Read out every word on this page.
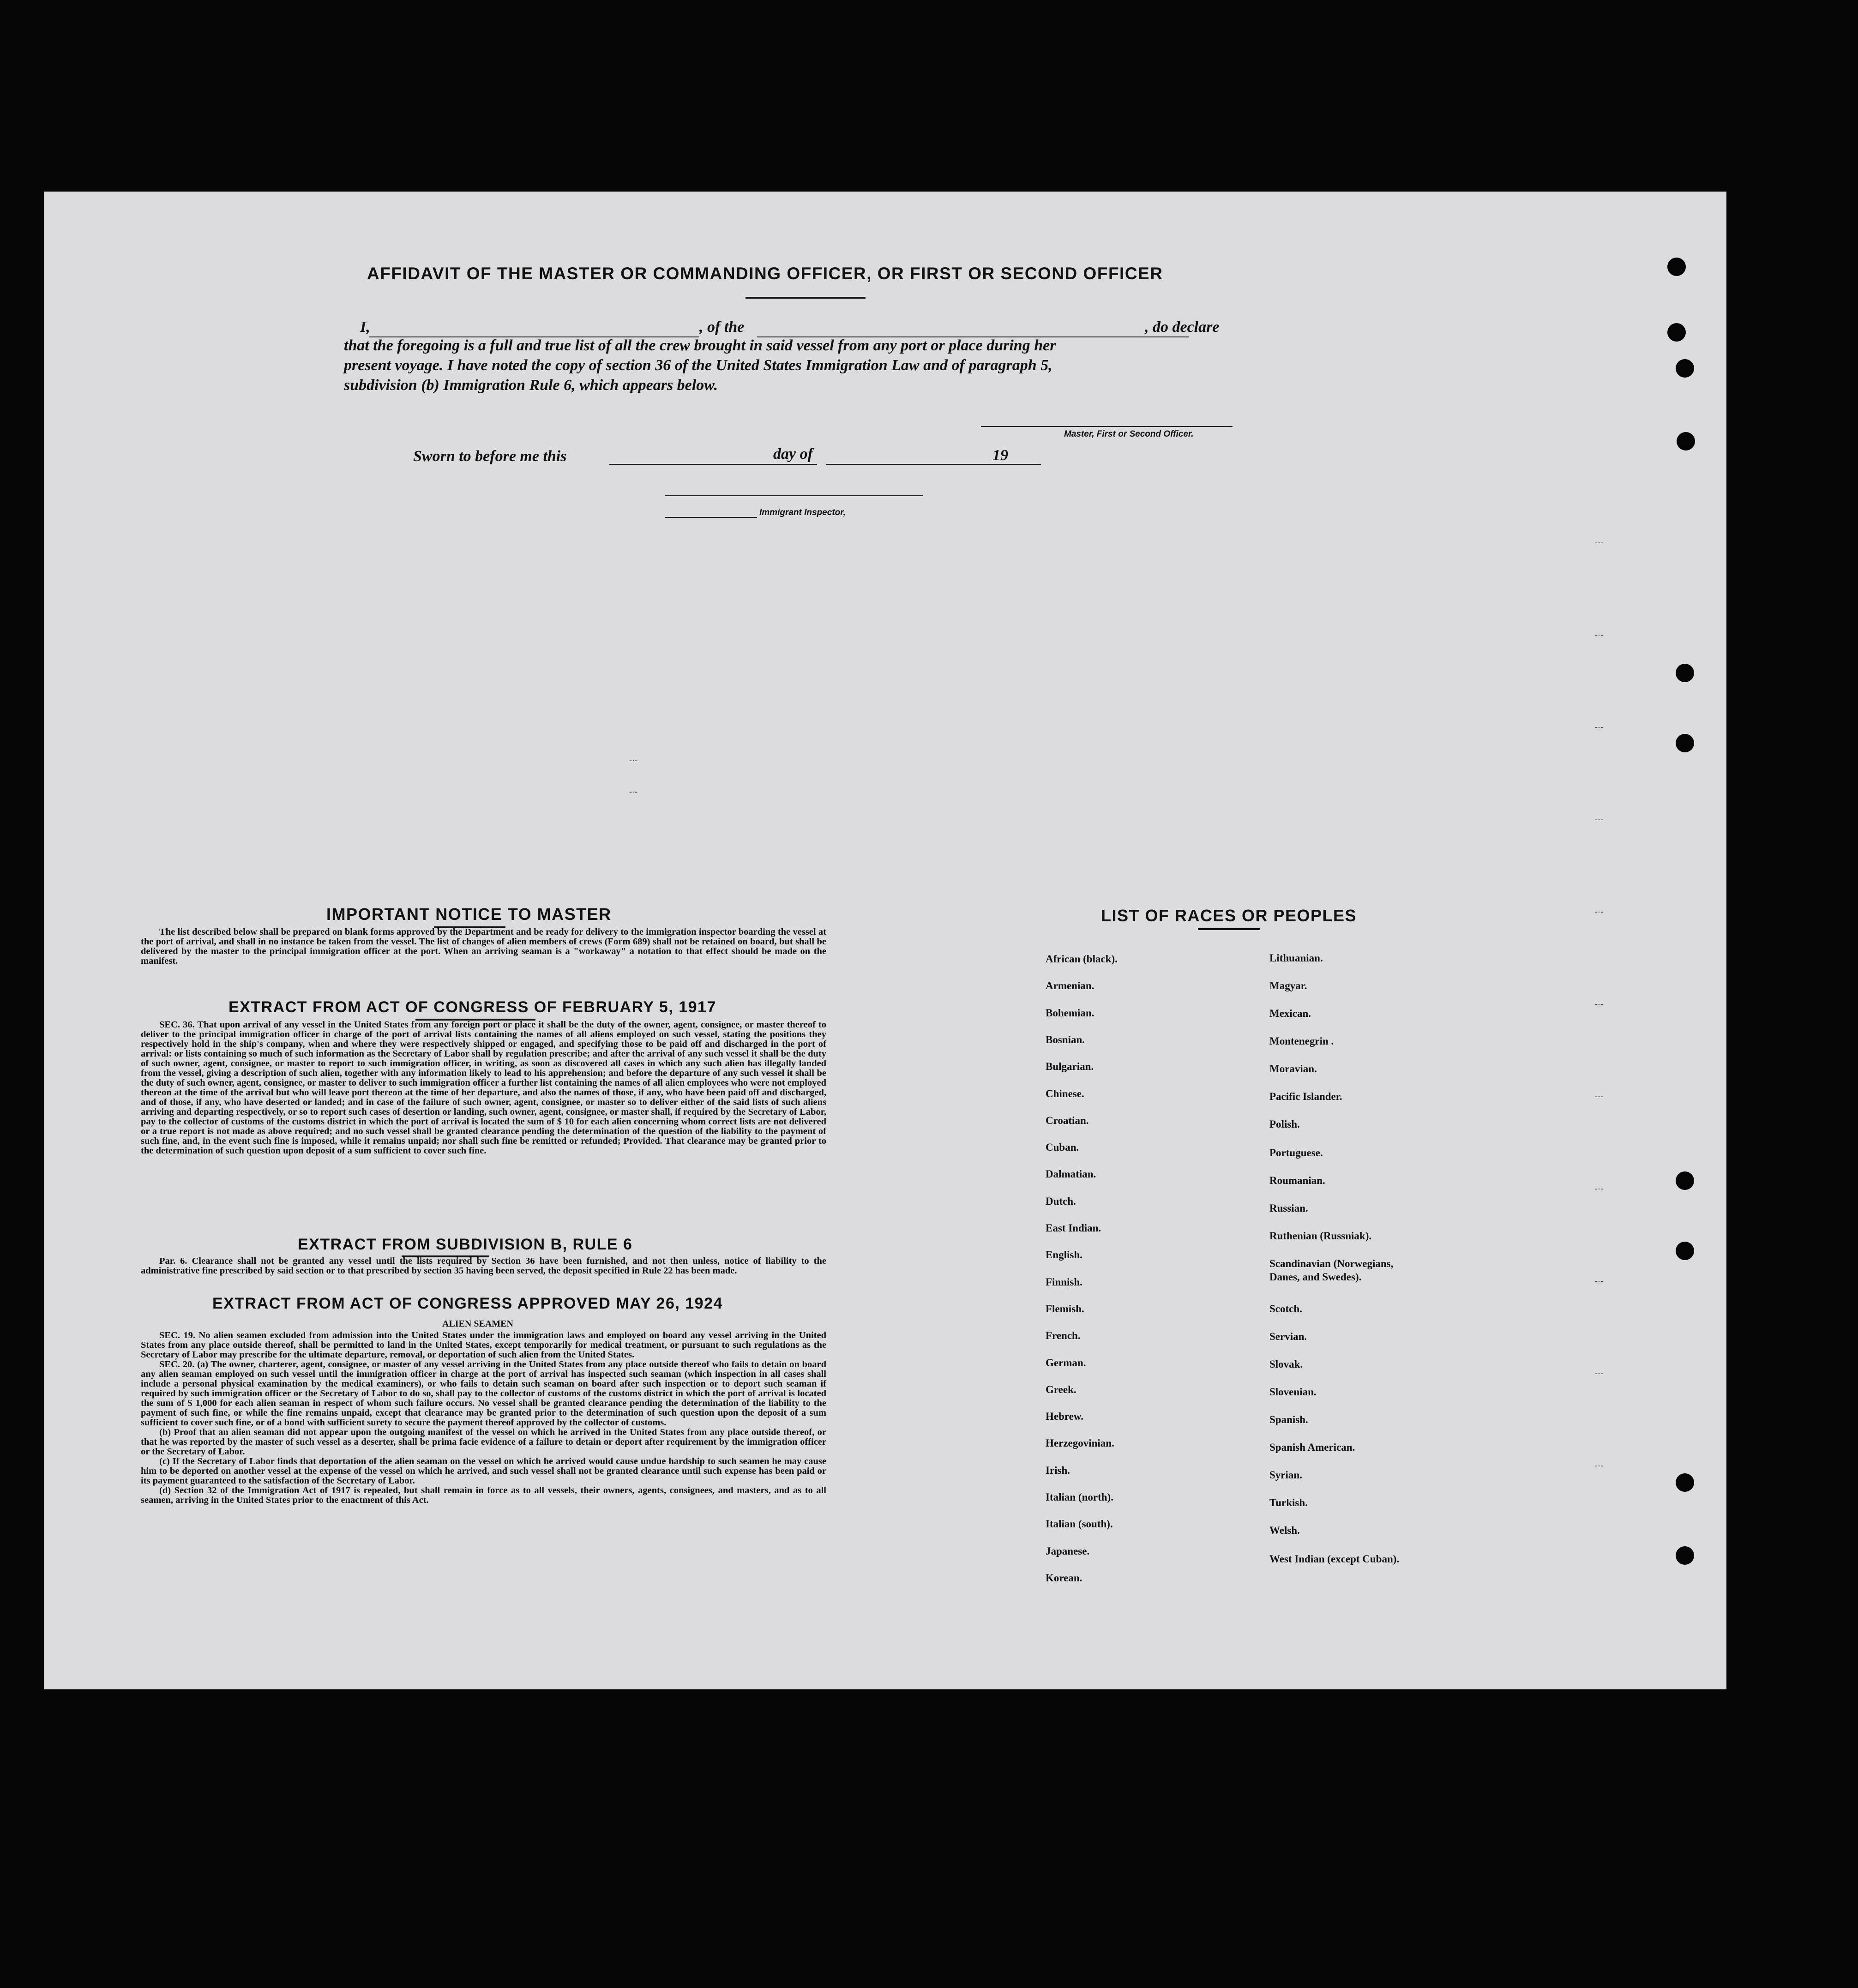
AFFIDAVIT OF THE MASTER OR COMMANDING OFFICER, OR FIRST OR SECOND OFFICER
I,	, of the	, do declare
that the foregoing is a full and true list of all the crew brought in said vessel from any port or place during her
present voyage. I have noted the copy of section 36 of the United States Immigration Law and of paragraph 5,
subdivision (b) Immigration Rule 6, which appears below.
Master, First or Second Officer.
Sworn to before me this	day of	19
Immigrant Inspector,
IMPORTANT NOTICE TO MASTER

The list described below shall be prepared on blank forms approved by the Department and be ready for delivery to the immigration inspector boarding the vessel at the port of arrival, and shall in no instance be taken from the vessel. The list of changes of alien members of crews (Form 689) shall not be retained on board, but shall be delivered by the master to the principal immigration officer at the port. When an arriving seaman is a "workaway" a notation to that effect should be made on the manifest.

EXTRACT FROM ACT OF CONGRESS OF FEBRUARY 5, 1917

SEC. 36. That upon arrival of any vessel in the United States from any foreign port or place it shall be the duty of the owner, agent, consignee, or master thereof to deliver to the principal immigration officer in charge of the port of arrival lists containing the names of all aliens employed on such vessel, stating the positions they respectively hold in the ship's company, when and where they were respectively shipped or engaged, and specifying those to be paid off and discharged in the port of arrival: or lists containing so much of such information as the Secretary of Labor shall by regulation prescribe; and after the arrival of any such vessel it shall be the duty of such owner, agent, consignee, or master to report to such immigration officer, in writing, as soon as discovered all cases in which any such alien has illegally landed from the vessel, giving a description of such alien, together with any information likely to lead to his apprehension; and before the departure of any such vessel it shall be the duty of such owner, agent, consignee, or master to deliver to such immigration officer a further list containing the names of all alien employees who were not employed thereon at the time of the arrival but who will leave port thereon at the time of her departure, and also the names of those, if any, who have been paid off and discharged, and of those, if any, who have deserted or landed; and in case of the failure of such owner, agent, consignee, or master so to deliver either of the said lists of such aliens arriving and departing respectively, or so to report such cases of desertion or landing, such owner, agent, consignee, or master shall, if required by the Secretary of Labor, pay to the collector of customs of the customs district in which the port of arrival is located the sum of $ 10 for each alien concerning whom correct lists are not delivered or a true report is not made as above required; and no such vessel shall be granted clearance pending the determination of the question of the liability to the payment of such fine, and, in the event such fine is imposed, while it remains unpaid; nor shall such fine be remitted or refunded; Provided. That clearance may be granted prior to the determination of such question upon deposit of a sum sufficient to cover such fine.

EXTRACT FROM SUBDIVISION B, RULE 6

Par. 6. Clearance shall not be granted any vessel until the lists required by Section 36 have been furnished, and not then unless, notice of liability to the administrative fine prescribed by said section or to that prescribed by section 35 having been served, the deposit specified in Rule 22 has been made.

EXTRACT FROM ACT OF CONGRESS APPROVED MAY 26, 1924
ALIEN SEAMEN

SEC. 19. No alien seamen excluded from admission into the United States under the immigration laws and employed on board any vessel arriving in the United States from any place outside thereof, shall be permitted to land in the United States, except temporarily for medical treatment, or pursuant to such regulations as the Secretary of Labor may prescribe for the ultimate departure, removal, or deportation of such alien from the United States.

SEC. 20. (a) The owner, charterer, agent, consignee, or master of any vessel arriving in the United States from any place outside thereof who fails to detain on board any alien seaman employed on such vessel until the immigration officer in charge at the port of arrival has inspected such seaman (which inspection in all cases shall include a personal physical examination by the medical examiners), or who fails to detain such seaman on board after such inspection or to deport such seaman if required by such immigration officer or the Secretary of Labor to do so, shall pay to the collector of customs of the customs district in which the port of arrival is located the sum of $ 1,000 for each alien seaman in respect of whom such failure occurs. No vessel shall be granted clearance pending the determination of the liability to the payment of such fine, or while the fine remains unpaid, except that clearance may be granted prior to the determination of such question upon the deposit of a sum sufficient to cover such fine, or of a bond with sufficient surety to secure the payment thereof approved by the collector of customs.

(b) Proof that an alien seaman did not appear upon the outgoing manifest of the vessel on which he arrived in the United States from any place outside thereof, or that he was reported by the master of such vessel as a deserter, shall be prima facie evidence of a failure to detain or deport after requirement by the immigration officer or the Secretary of Labor.

(c) If the Secretary of Labor finds that deportation of the alien seaman on the vessel on which he arrived would cause undue hardship to such seamen he may cause him to be deported on another vessel at the expense of the vessel on which he arrived, and such vessel shall not be granted clearance until such expense has been paid or its payment guaranteed to the satisfaction of the Secretary of Labor.

(d) Section 32 of the Immigration Act of 1917 is repealed, but shall remain in force as to all vessels, their owners, agents, consignees, and masters, and as to all seamen, arriving in the United States prior to the enactment of this Act.

LIST OF RACES OR PEOPLES
African (black).
Armenian.
Bohemian.
Bosnian.
Bulgarian.
Chinese.
Croatian.
Cuban.
Dalmatian.
Dutch.
East Indian.
English.
Finnish.
Flemish.
French.
German.
Greek.
Hebrew.
Herzegovinian.
Irish.
Italian (north).
Italian (south).
Japanese.
Korean.
Lithuanian.
Magyar.
Mexican.
Montenegrin .
Moravian.
Pacific Islander.
Polish.
Portuguese.
Roumanian.
Russian.
Ruthenian (Russniak).
Scandinavian (Norwegians, Danes, and Swedes).
Scotch.
Servian.
Slovak.
Slovenian.
Spanish.
Spanish American.
Syrian.
Turkish.
Welsh.
West Indian (except Cuban).
-·-
-·-
-·-
-·-
-·-
-·-
-·-
-·-
-·-
-·-
-·-
-·-
-·-
